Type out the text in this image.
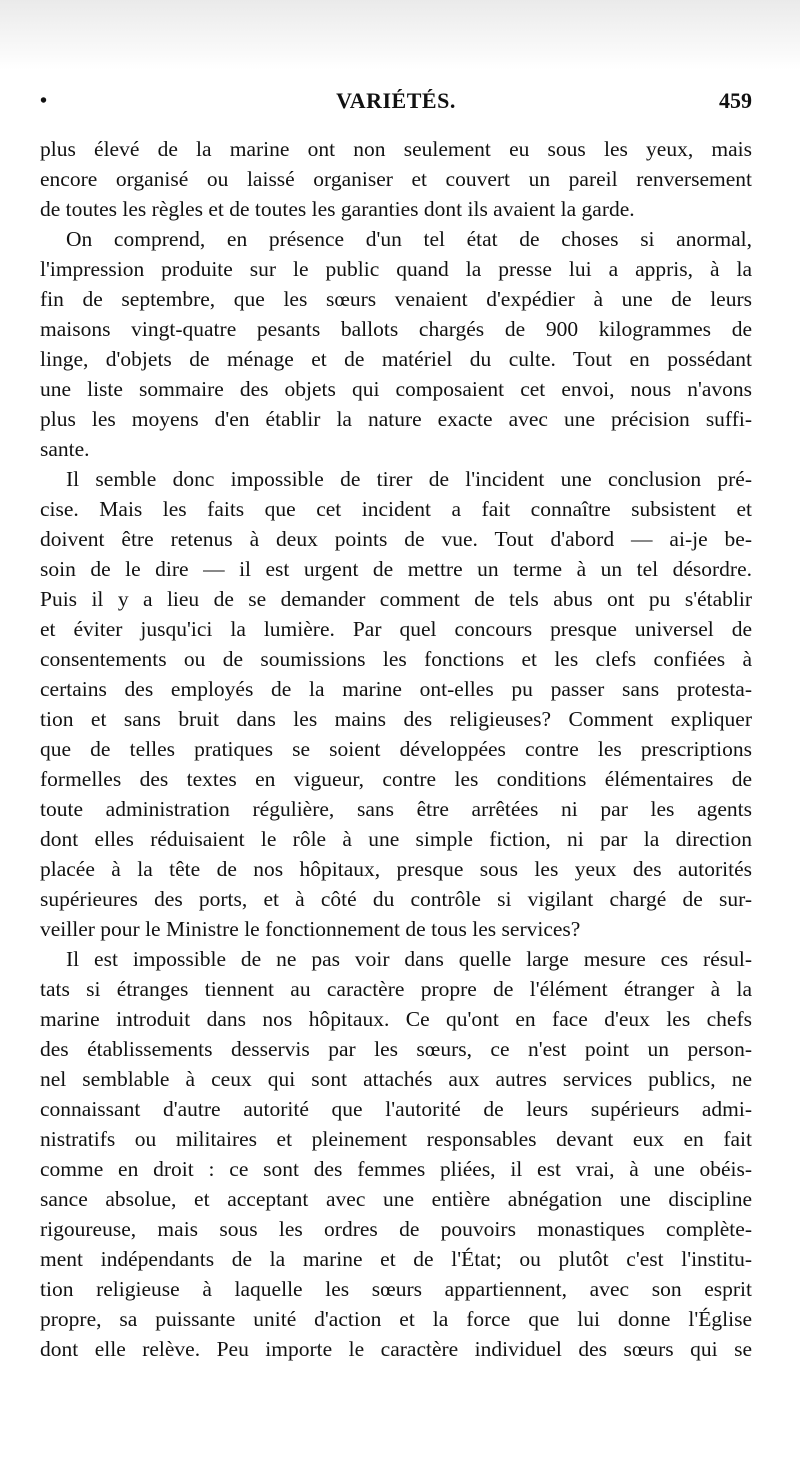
•	VARIÉTÉS.	459
plus élevé de la marine ont non seulement eu sous les yeux, mais
encore organisé ou laissé organiser et couvert un pareil renversement
de toutes les règles et de toutes les garanties dont ils avaient la garde.
On comprend, en présence d'un tel état de choses si anormal,
l'impression produite sur le public quand la presse lui a appris, à la
fin de septembre, que les sœurs venaient d'expédier à une de leurs
maisons vingt-quatre pesants ballots chargés de 900 kilogrammes de
linge, d'objets de ménage et de matériel du culte. Tout en possédant
une liste sommaire des objets qui composaient cet envoi, nous n'avons
plus les moyens d'en établir la nature exacte avec une précision suffi-
sante.
Il semble donc impossible de tirer de l'incident une conclusion pré-
cise. Mais les faits que cet incident a fait connaître subsistent et
doivent être retenus à deux points de vue. Tout d'abord — ai-je be-
soin de le dire — il est urgent de mettre un terme à un tel désordre.
Puis il y a lieu de se demander comment de tels abus ont pu s'établir
et éviter jusqu'ici la lumière. Par quel concours presque universel de
consentements ou de soumissions les fonctions et les clefs confiées à
certains des employés de la marine ont-elles pu passer sans protesta-
tion et sans bruit dans les mains des religieuses? Comment expliquer
que de telles pratiques se soient développées contre les prescriptions
formelles des textes en vigueur, contre les conditions élémentaires de
toute administration régulière, sans être arrêtées ni par les agents
dont elles réduisaient le rôle à une simple fiction, ni par la direction
placée à la tête de nos hôpitaux, presque sous les yeux des autorités
supérieures des ports, et à côté du contrôle si vigilant chargé de sur-
veiller pour le Ministre le fonctionnement de tous les services?
Il est impossible de ne pas voir dans quelle large mesure ces résul-
tats si étranges tiennent au caractère propre de l'élément étranger à la
marine introduit dans nos hôpitaux. Ce qu'ont en face d'eux les chefs
des établissements desservis par les sœurs, ce n'est point un person-
nel semblable à ceux qui sont attachés aux autres services publics, ne
connaissant d'autre autorité que l'autorité de leurs supérieurs admi-
nistratifs ou militaires et pleinement responsables devant eux en fait
comme en droit : ce sont des femmes pliées, il est vrai, à une obéis-
sance absolue, et acceptant avec une entière abnégation une discipline
rigoureuse, mais sous les ordres de pouvoirs monastiques complète-
ment indépendants de la marine et de l'État; ou plutôt c'est l'institu-
tion religieuse à laquelle les sœurs appartiennent, avec son esprit
propre, sa puissante unité d'action et la force que lui donne l'Église
dont elle relève. Peu importe le caractère individuel des sœurs qui se
